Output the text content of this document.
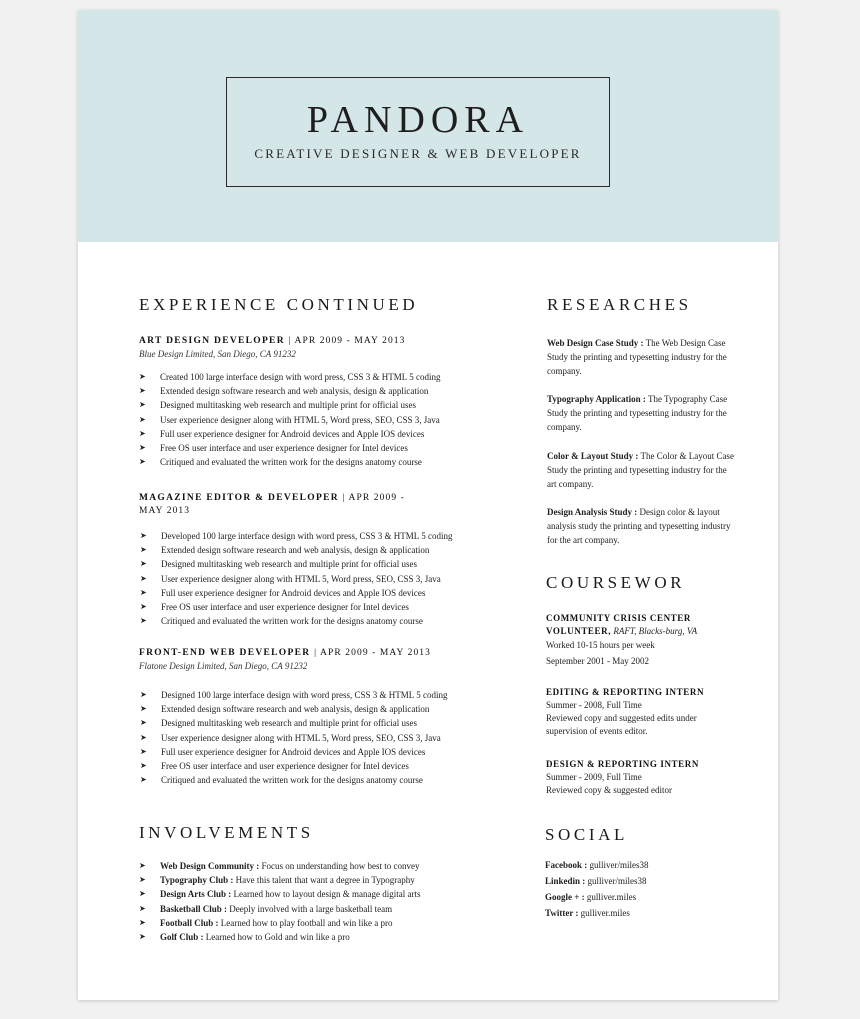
PANDORA
CREATIVE DESIGNER & WEB DEVELOPER
EXPERIENCE CONTINUED
ART DESIGN DEVELOPER | APR 2009 - MAY 2013
Blue Design Limited, San Diego, CA 91232
➤ Created 100 large interface design with word press, CSS 3 & HTML 5 coding
➤ Extended design software research and web analysis, design & application
➤ Designed multitasking web research and multiple print for official uses
➤ User experience designer along with HTML 5, Word press, SEO, CSS 3, Java
➤ Full user experience designer for Android devices and Apple IOS devices
➤ Free OS user interface and user experience designer for Intel devices
➤ Critiqued and evaluated the written work for the designs anatomy course
MAGAZINE EDITOR & DEVELOPER | APR 2009 - MAY 2013
➤ Developed 100 large interface design with word press, CSS 3 & HTML 5 coding
➤ Extended design software research and web analysis, design & application
➤ Designed multitasking web research and multiple print for official uses
➤ User experience designer along with HTML 5, Word press, SEO, CSS 3, Java
➤ Full user experience designer for Android devices and Apple IOS devices
➤ Free OS user interface and user experience designer for Intel devices
➤ Critiqued and evaluated the written work for the designs anatomy course
FRONT-END WEB DEVELOPER | APR 2009 - MAY 2013
Flatone Design Limited, San Diego, CA 91232
➤ Designed 100 large interface design with word press, CSS 3 & HTML 5 coding
➤ Extended design software research and web analysis, design & application
➤ Designed multitasking web research and multiple print for official uses
➤ User experience designer along with HTML 5, Word press, SEO, CSS 3, Java
➤ Full user experience designer for Android devices and Apple IOS devices
➤ Free OS user interface and user experience designer for Intel devices
➤ Critiqued and evaluated the written work for the designs anatomy course
INVOLVEMENTS
➤ Web Design Community : Focus on understanding how best to convey
➤ Typography Club : Have this talent that want a degree in Typography
➤ Design Arts Club : Learned how to layout design & manage digital arts
➤ Basketball Club : Deeply involved with a large basketball team
➤ Football Club : Learned how to play football and win like a pro
➤ Golf Club : Learned how to Gold and win like a pro
RESEARCHES
Web Design Case Study : The Web Design Case Study the printing and typesetting industry for the company.
Typography Application : The Typography Case Study the printing and typesetting industry for the company.
Color & Layout Study : The Color & Layout Case Study the printing and typesetting industry for the art company.
Design Analysis Study : Design color & layout analysis study the printing and typesetting industry for the art company.
COURSEWOR
COMMUNITY CRISIS CENTER VOLUNTEER, RAFT, Blacks-burg, VA
Worked 10-15 hours per week
September 2001 - May 2002
EDITING & REPORTING INTERN
Summer - 2008, Full Time
Reviewed copy and suggested edits under supervision of events editor.
DESIGN & REPORTING INTERN
Summer - 2009, Full Time
Reviewed copy & suggested editor
SOCIAL
Facebook : gulliver/miles38
Linkedin : gulliver/miles38
Google + : gulliver.miles
Twitter : gulliver.miles
